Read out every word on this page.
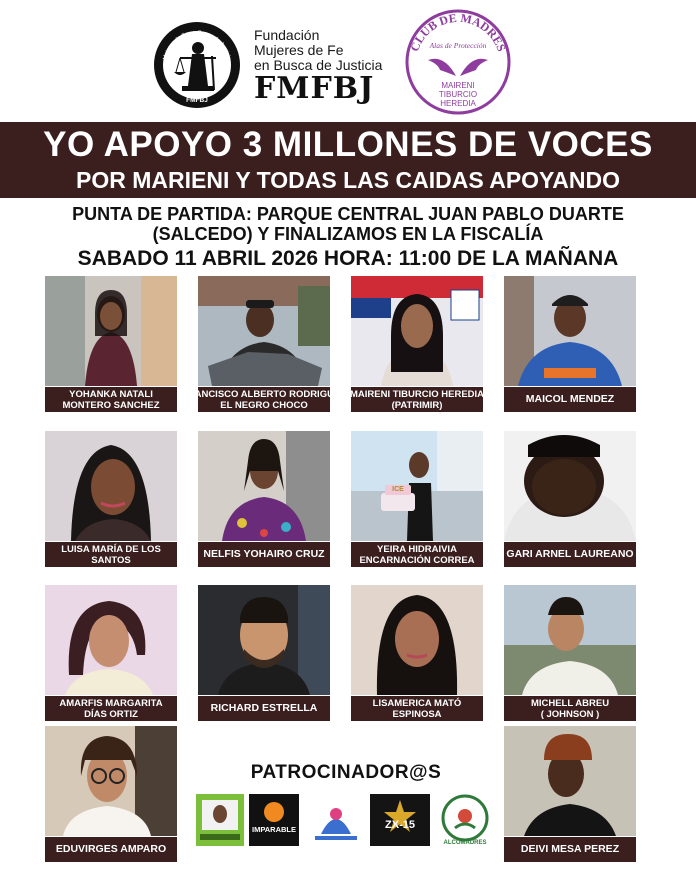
FMFBJ
Mujeres de Fe en Busca de Justicia
Fundación
Mujeres de Fe
en Busca de Justicia
FMFBJ
CLUB DE MADRES
Alas de Protección
MAIRENI
TIBURCIO
HEREDIA
YO APOYO 3 MILLONES DE VOCES
POR MARIENI Y TODAS LAS CAIDAS APOYANDO
PUNTA DE PARTIDA: PARQUE CENTRAL JUAN PABLO DUARTE
(SALCEDO) Y FINALIZAMOS EN LA FISCALÍA
SABADO 11 ABRIL 2026 HORA: 11:00 DE LA MAÑANA
YOHANKA NATALI
MONTERO SANCHEZ
FRANCISCO ALBERTO RODRIGUEZ
EL NEGRO CHOCO
MAIRENI TIBURCIO HEREDIA
(PATRIMIR)	MAICOL MENDEZ
LUISA MARÍA DE LOS
SANTOS	NELFIS YOHAIRO CRUZ
ICE
YEIRA HIDRAIVIA
ENCARNACIÓN CORREA	GARI ARNEL LAUREANO
AMARFIS MARGARITA
DÍAS ORTIZ	RICHARD ESTRELLA	LISAMERICA MATÓ
ESPINOSA
MICHELL ABREU
( JOHNSON )
EDUVIRGES AMPARO	DEIVI MESA PEREZ
PATROCINADOR@S
IMPARABLE	ZX-15
ALCOMADRES
